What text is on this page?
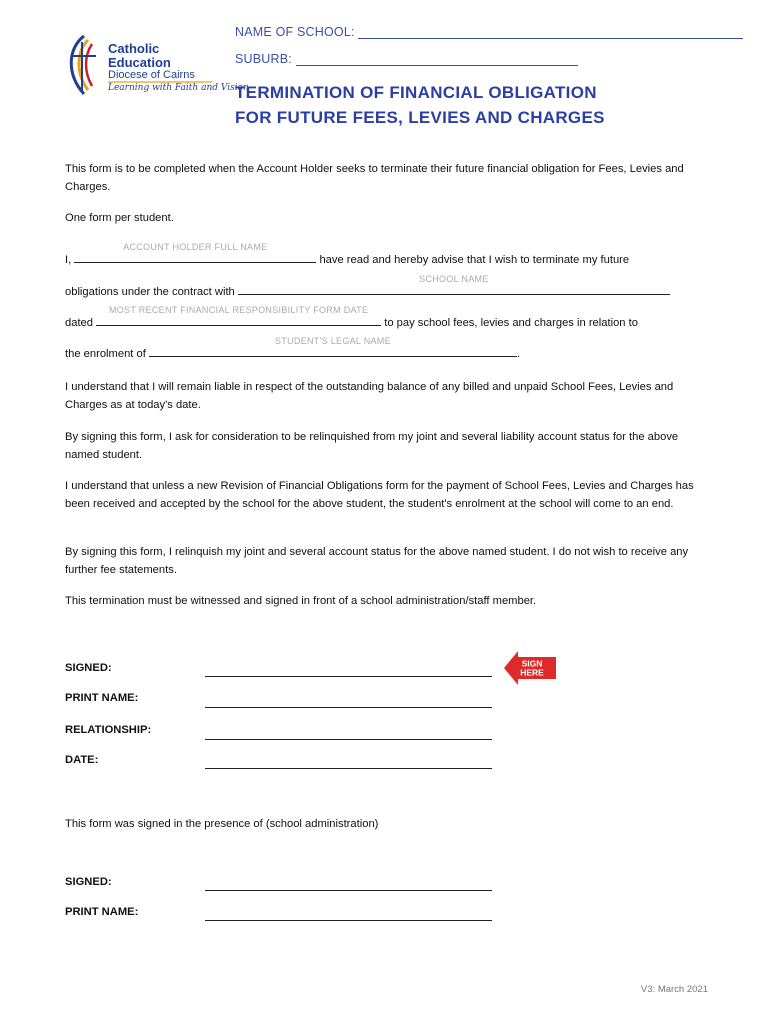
Catholic
Education
Diocese of Cairns
Learning with Faith and Vision
NAME OF SCHOOL:
SUBURB:
TERMINATION OF FINANCIAL OBLIGATION
FOR FUTURE FEES, LEVIES AND CHARGES
This form is to be completed when the Account Holder seeks to terminate their future financial obligation for Fees, Levies and Charges.
One form per student.
I,
ACCOUNT HOLDER FULL NAME
have read and hereby advise that I wish to terminate my future
obligations under the contract with
SCHOOL NAME
dated
MOST RECENT FINANCIAL RESPONSIBILITY FORM DATE
to pay school fees, levies and charges in relation to
the enrolment of
STUDENT'S LEGAL NAME
.
I understand that I will remain liable in respect of the outstanding balance of any billed and unpaid School Fees, Levies and Charges as at today's date.
By signing this form, I ask for consideration to be relinquished from my joint and several liability account status for the above named student.
I understand that unless a new Revision of Financial Obligations form for the payment of School Fees, Levies and Charges has been received and accepted by the school for the above student, the student's enrolment at the school will come to an end.
By signing this form, I relinquish my joint and several account status for the above named student. I do not wish to receive any further fee statements.
This termination must be witnessed and signed in front of a school administration/staff member.
SIGNED:	SIGN
HERE
PRINT NAME:
RELATIONSHIP:
DATE:
This form was signed in the presence of (school administration)
SIGNED:
PRINT NAME:
V3: March 2021
